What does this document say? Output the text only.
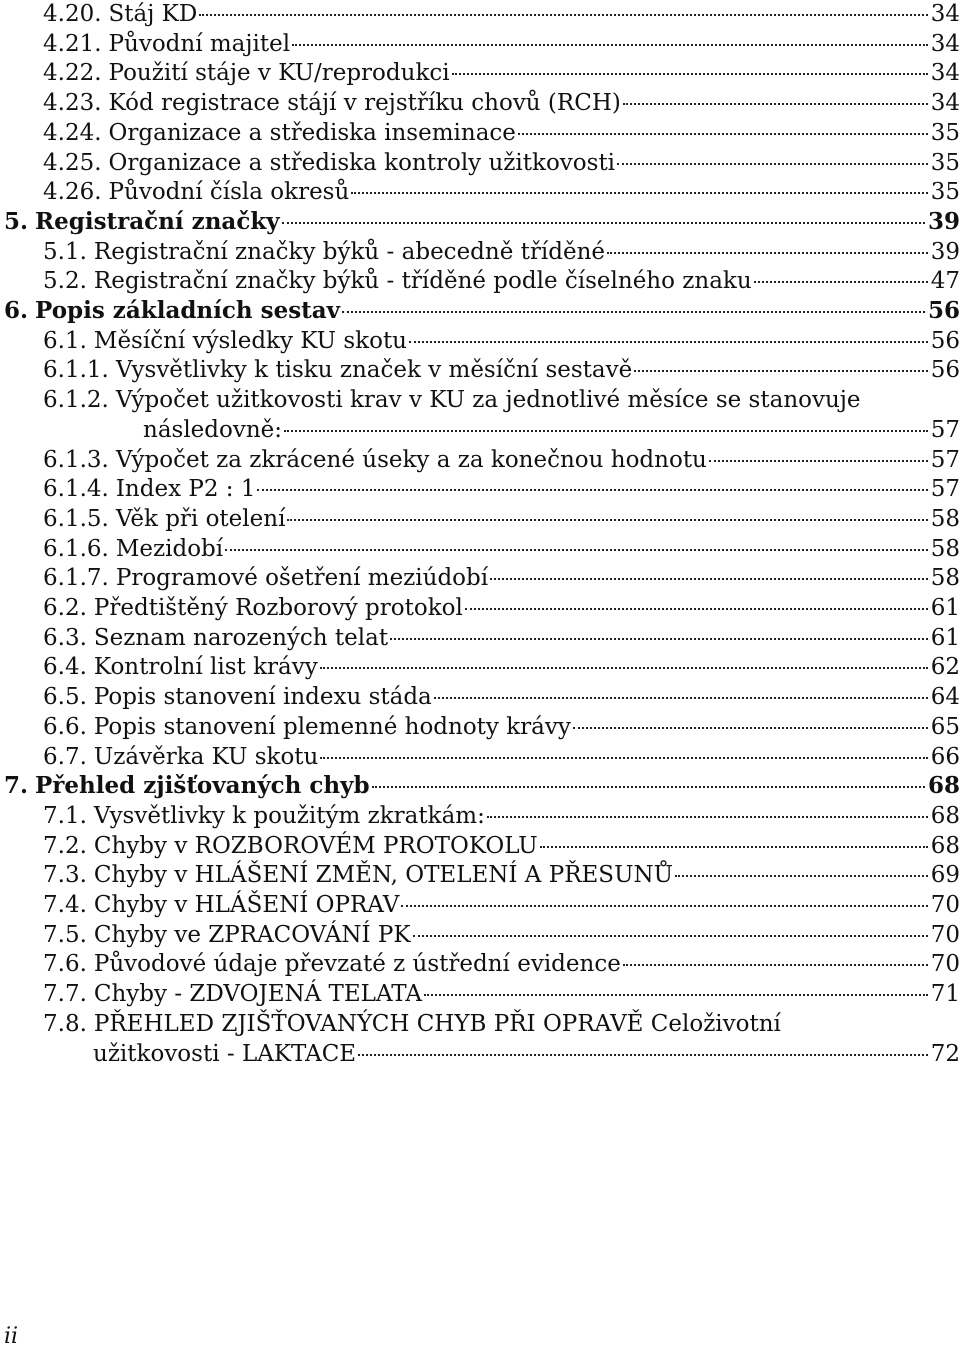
4.20. Stáj KD	34
4.21. Původní majitel	34
4.22. Použití stáje v KU/reprodukci	34
4.23. Kód registrace stájí v rejstříku chovů (RCH)	34
4.24. Organizace a střediska inseminace	35
4.25. Organizace a střediska kontroly užitkovosti	35
4.26. Původní čísla okresů	35
5. Registrační značky	39
5.1. Registrační značky býků - abecedně tříděné	39
5.2. Registrační značky býků - tříděné podle číselného znaku	47
6. Popis základních sestav	56
6.1. Měsíční výsledky KU skotu	56
6.1.1. Vysvětlivky k tisku značek v měsíční sestavě	56
6.1.2. Výpočet užitkovosti krav v KU za jednotlivé měsíce se stanovuje
následovně:	57
6.1.3. Výpočet za zkrácené úseky a za konečnou hodnotu	57
6.1.4. Index P2 : 1	57
6.1.5. Věk při otelení	58
6.1.6. Mezidobí	58
6.1.7. Programové ošetření meziúdobí	58
6.2. Předtištěný Rozborový protokol	61
6.3. Seznam narozených telat	61
6.4. Kontrolní list krávy	62
6.5. Popis stanovení indexu stáda	64
6.6. Popis stanovení plemenné hodnoty krávy	65
6.7. Uzávěrka KU skotu	66
7. Přehled zjišťovaných chyb	68
7.1. Vysvětlivky k použitým zkratkám:	68
7.2. Chyby v ROZBOROVÉM PROTOKOLU	68
7.3. Chyby v HLÁŠENÍ ZMĚN, OTELENÍ A PŘESUNŮ	69
7.4. Chyby v HLÁŠENÍ OPRAV	70
7.5. Chyby ve ZPRACOVÁNÍ PK	70
7.6. Původové údaje převzaté z ústřední evidence	70
7.7. Chyby - ZDVOJENÁ TELATA	71
7.8. PŘEHLED ZJIŠŤOVANÝCH CHYB PŘI OPRAVĚ Celoživotní
užitkovosti - LAKTACE	72
ii
